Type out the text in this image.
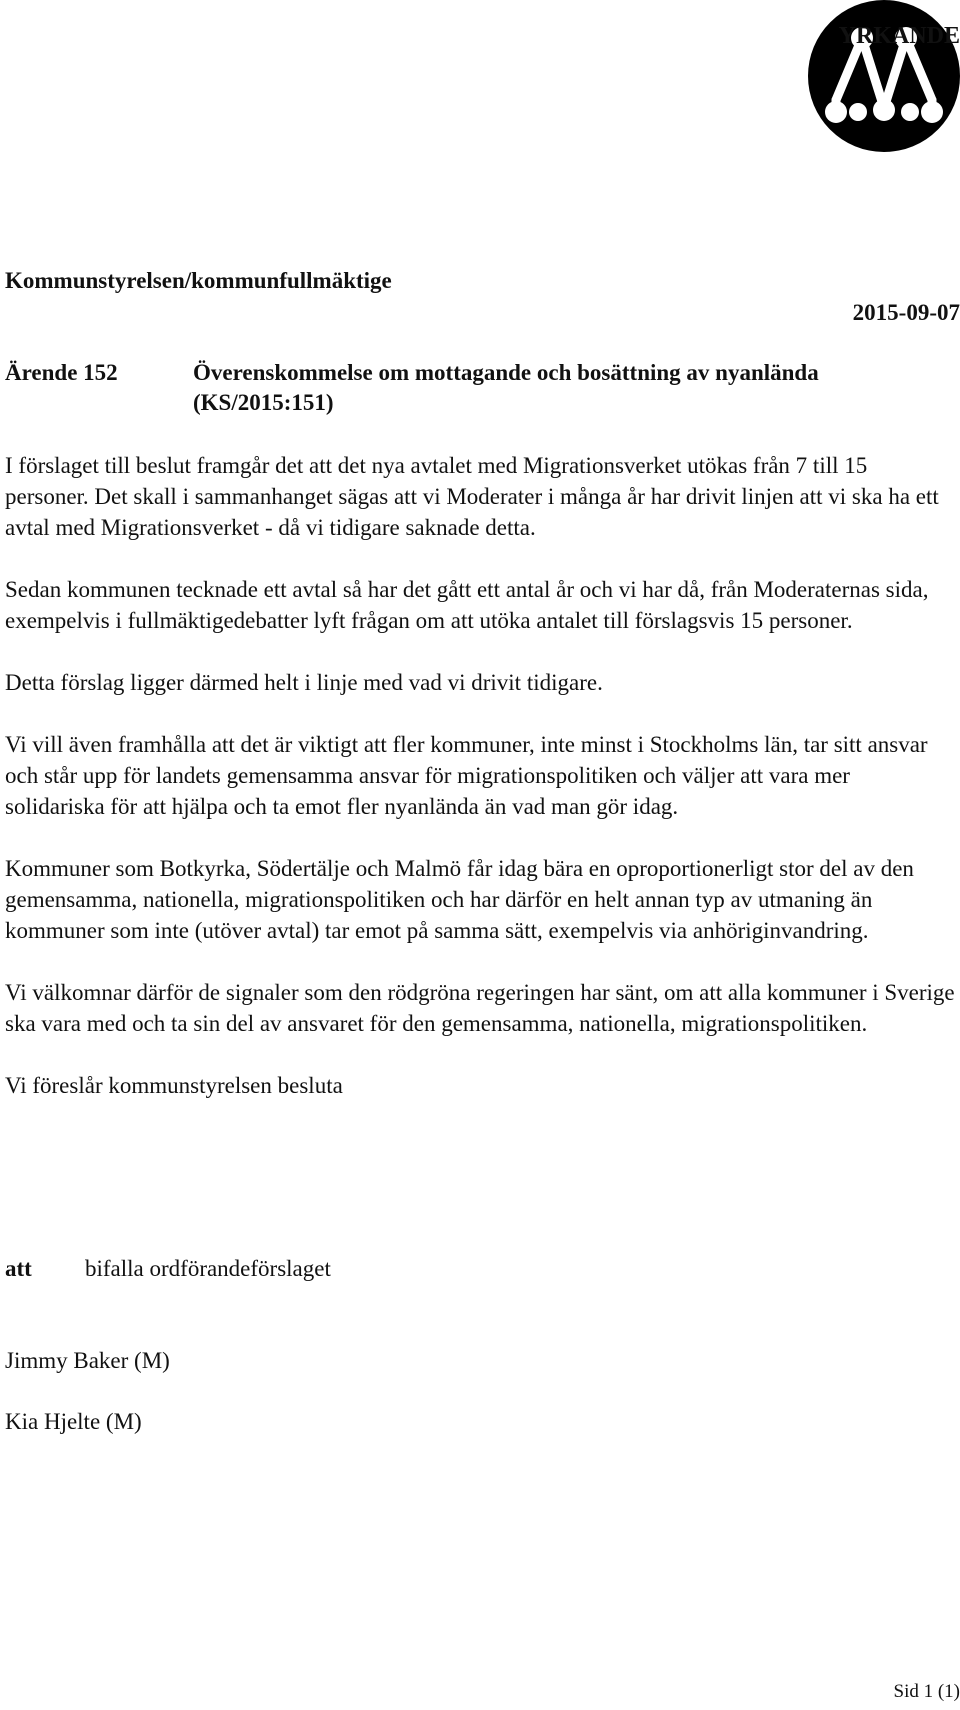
YRKANDE
Kommunstyrelsen/kommunfullmäktige
2015-09-07
Ärende 152	Överenskommelse om mottagande och bosättning av nyanlända
(KS/2015:151)

I förslaget till beslut framgår det att det nya avtalet med Migrationsverket utökas från 7 till 15 personer. Det skall i sammanhanget sägas att vi Moderater i många år har drivit linjen att vi ska ha ett avtal med Migrationsverket - då vi tidigare saknade detta.

Sedan kommunen tecknade ett avtal så har det gått ett antal år och vi har då, från Moderaternas sida, exempelvis i fullmäktigedebatter lyft frågan om att utöka antalet till förslagsvis 15 personer.

Detta förslag ligger därmed helt i linje med vad vi drivit tidigare.

Vi vill även framhålla att det är viktigt att fler kommuner, inte minst i Stockholms län, tar sitt ansvar och står upp för landets gemensamma ansvar för migrationspolitiken och väljer att vara mer solidariska för att hjälpa och ta emot fler nyanlända än vad man gör idag.

Kommuner som Botkyrka, Södertälje och Malmö får idag bära en oproportionerligt stor del av den gemensamma, nationella, migrationspolitiken och har därför en helt annan typ av utmaning än kommuner som inte (utöver avtal) tar emot på samma sätt, exempelvis via anhöriginvandring.

Vi välkomnar därför de signaler som den rödgröna regeringen har sänt, om att alla kommuner i Sverige ska vara med och ta sin del av ansvaret för den gemensamma, nationella, migrationspolitiken.

Vi föreslår kommunstyrelsen besluta

att bifalla ordförandeförslaget
Jimmy Baker (M)
Kia Hjelte (M)
Sid 1 (1)
